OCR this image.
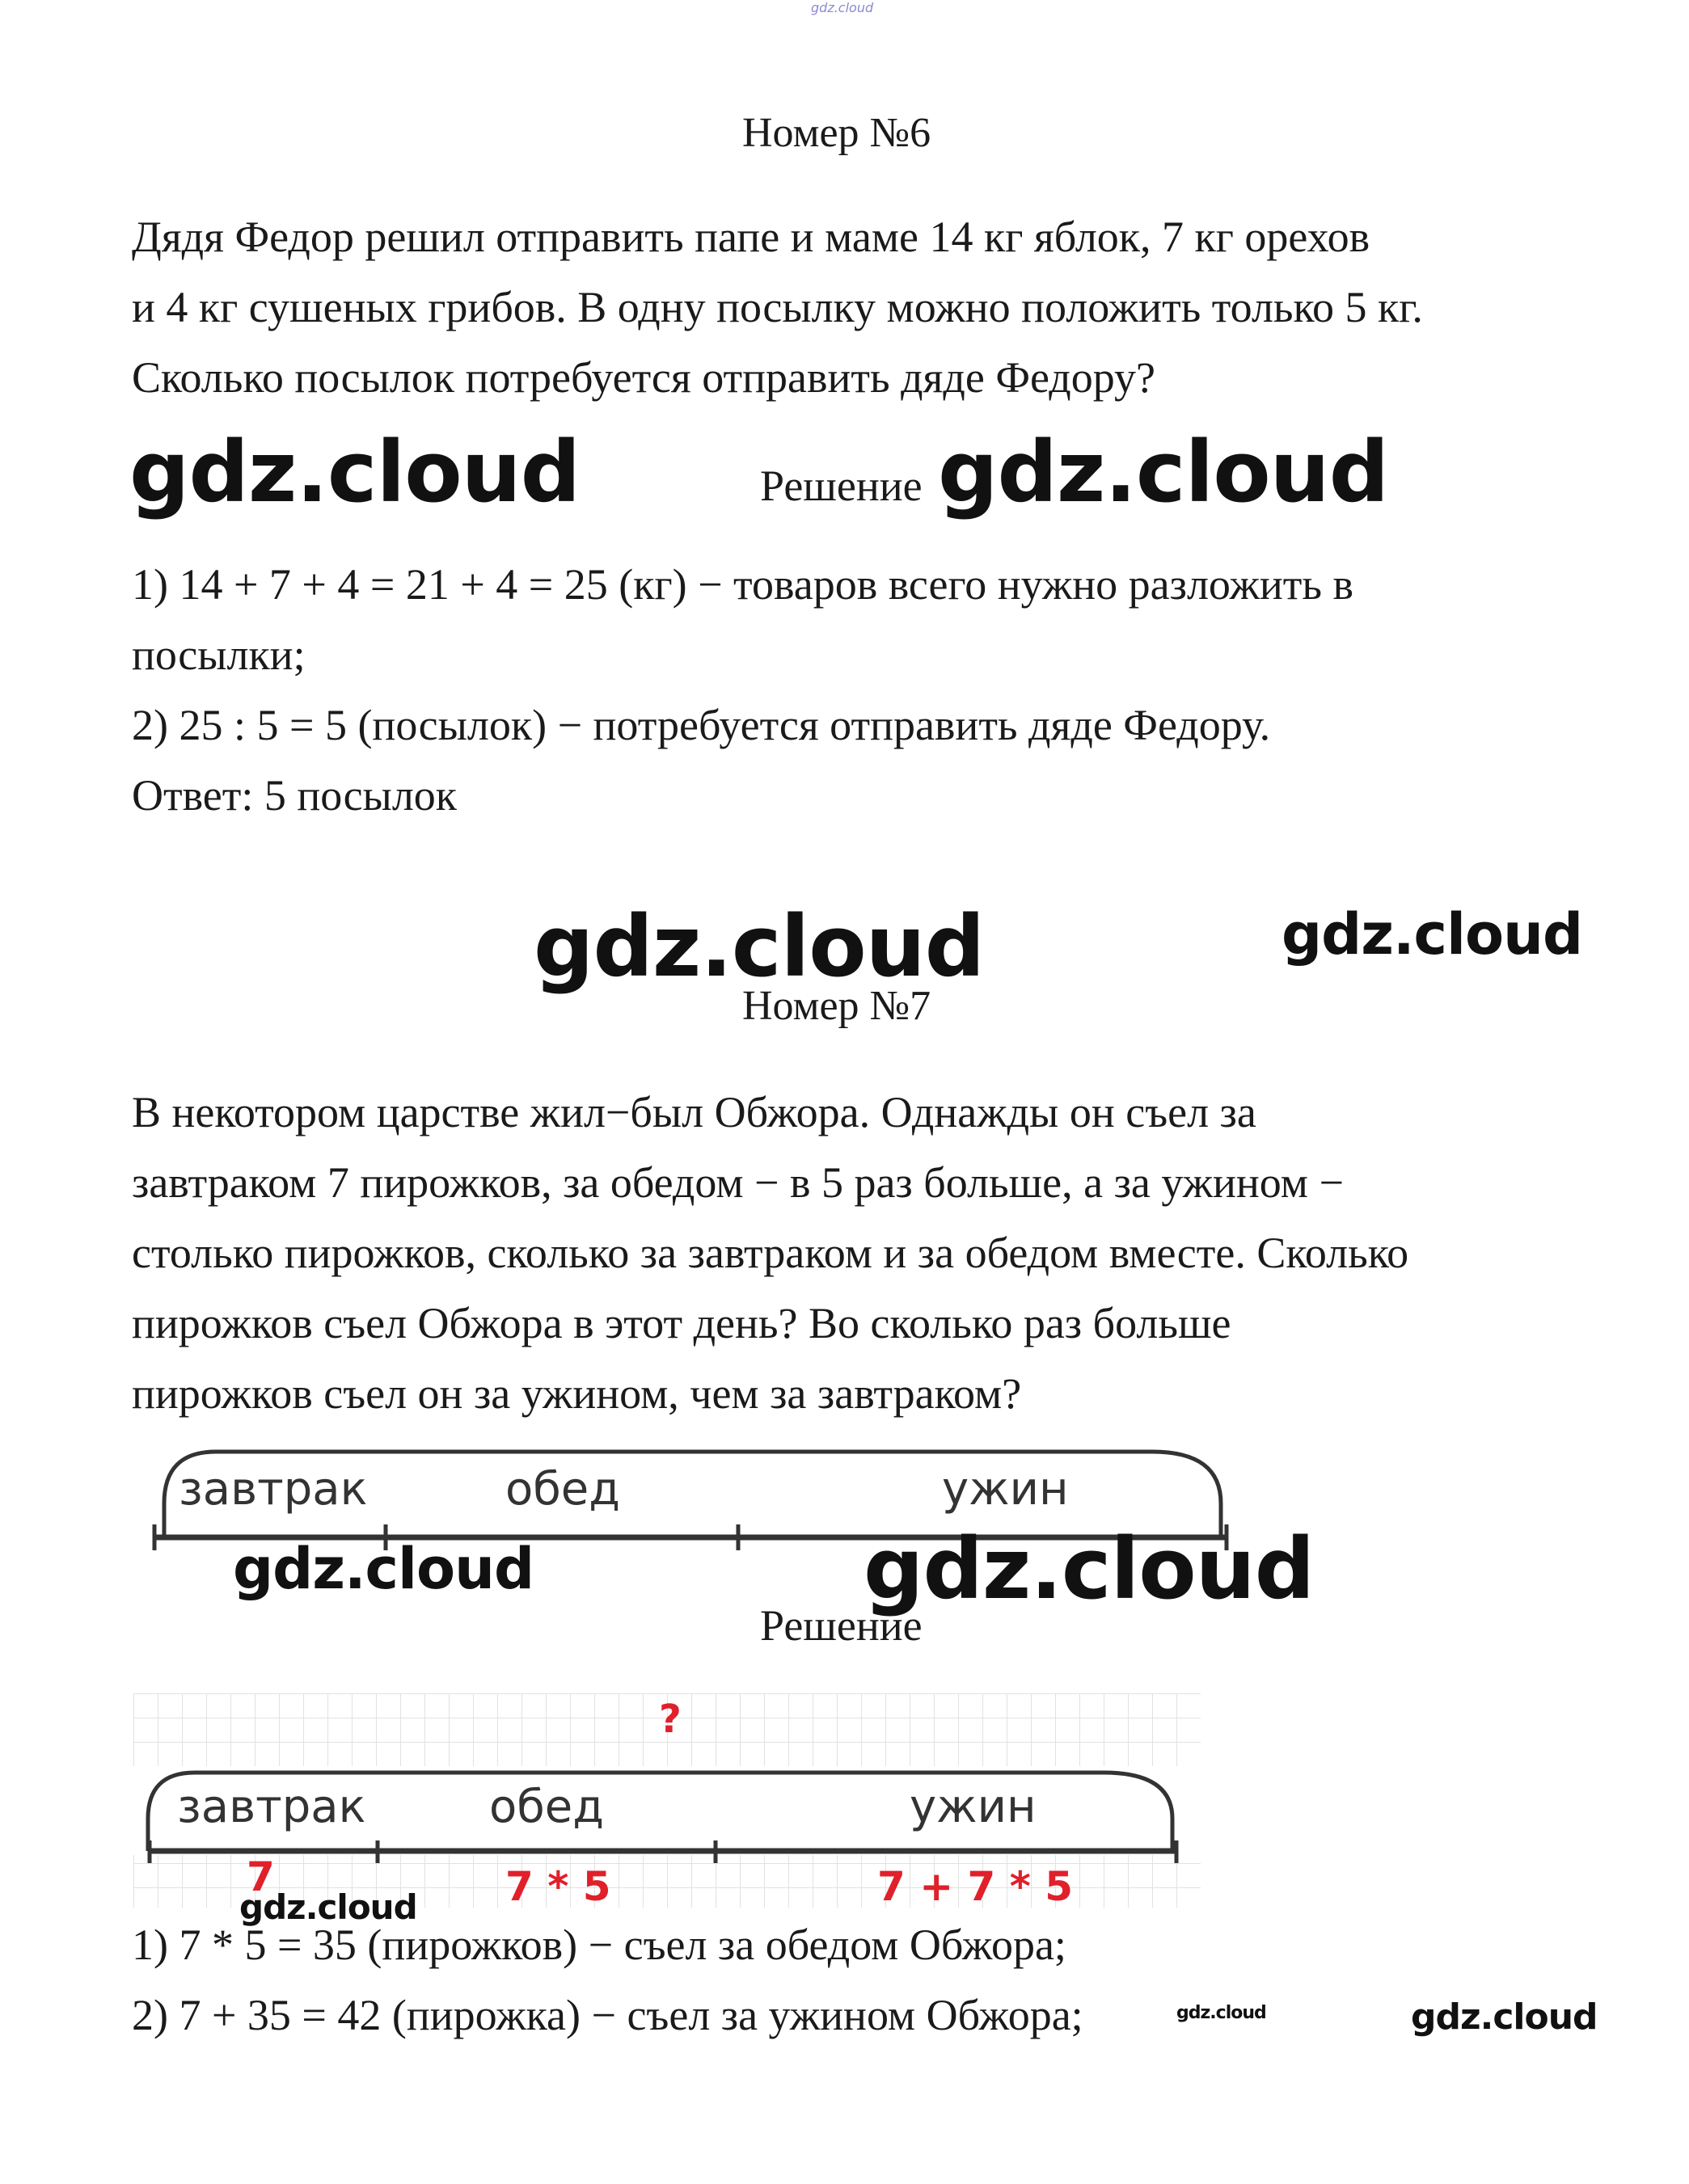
gdz.cloud
Номер №6
Дядя Федор решил отправить папе и маме 14 кг яблок, 7 кг орехов
и 4 кг сушеных грибов. В одну посылку можно положить только 5 кг.
Сколько посылок потребуется отправить дяде Федору?
gdz.cloud	Решение gdz.cloud
1) 14 + 7 + 4 = 21 + 4 = 25 (кг) − товаров всего нужно разложить в
посылки;
2) 25 : 5 = 5 (посылок) − потребуется отправить дяде Федору.
Ответ: 5 посылок
gdz.cloud	gdz.cloud
Номер №7
В некотором царстве жил−был Обжора. Однажды он съел за
завтраком 7 пирожков, за обедом − в 5 раз больше, а за ужином −
столько пирожков, сколько за завтраком и за обедом вместе. Сколько
пирожков съел Обжора в этот день? Во сколько раз больше
пирожков съел он за ужином, чем за завтраком?
завтрак	обед	ужин
gdz.cloud	gdz.cloud
Решение
?
завтрак	обед	ужин
7	7 * 5	7 + 7 * 5
gdz.cloud
1) 7 * 5 = 35 (пирожков) − съел за обедом Обжора;
2) 7 + 35 = 42 (пирожка) − съел за ужином Обжора;	gdz.cloud	gdz.cloud
